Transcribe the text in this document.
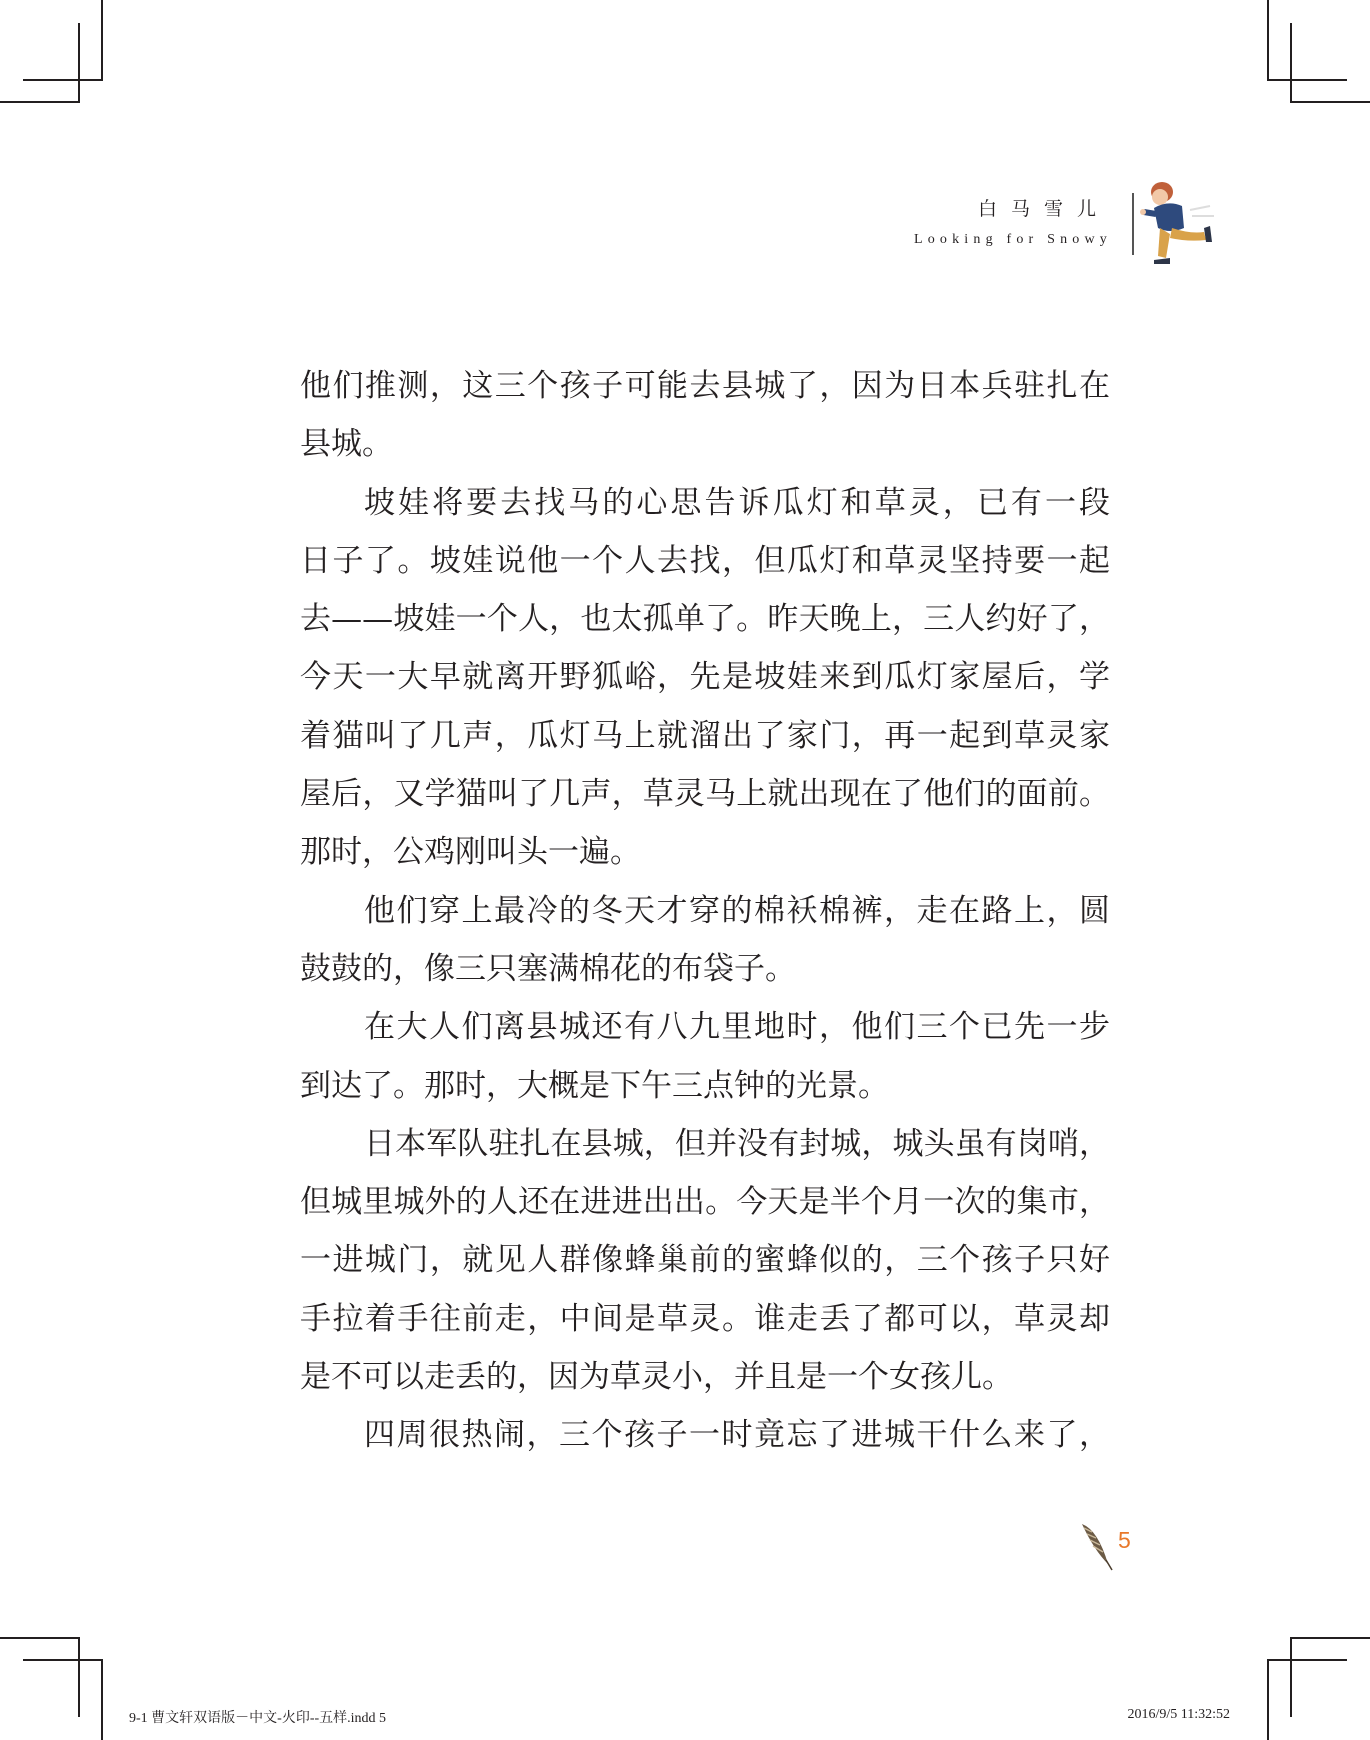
白马雪儿
Looking for Snowy
他们推测，这三个孩子可能去县城了，因为日本兵驻扎在
县城。
坡娃将要去找马的心思告诉瓜灯和草灵，已有一段
日子了。坡娃说他一个人去找，但瓜灯和草灵坚持要一起
去——坡娃一个人，也太孤单了。昨天晚上，三人约好了，
今天一大早就离开野狐峪，先是坡娃来到瓜灯家屋后，学
着猫叫了几声，瓜灯马上就溜出了家门，再一起到草灵家
屋后，又学猫叫了几声，草灵马上就出现在了他们的面前。
那时，公鸡刚叫头一遍。
他们穿上最冷的冬天才穿的棉袄棉裤，走在路上，圆
鼓鼓的，像三只塞满棉花的布袋子。
在大人们离县城还有八九里地时，他们三个已先一步
到达了。那时，大概是下午三点钟的光景。
日本军队驻扎在县城，但并没有封城，城头虽有岗哨，
但城里城外的人还在进进出出。今天是半个月一次的集市，
一进城门，就见人群像蜂巢前的蜜蜂似的，三个孩子只好
手拉着手往前走，中间是草灵。谁走丢了都可以，草灵却
是不可以走丢的，因为草灵小，并且是一个女孩儿。
四周很热闹，三个孩子一时竟忘了进城干什么来了，
5
9-1 曹文轩双语版－中文-火印--五样.indd 5	2016/9/5 11:32:52
